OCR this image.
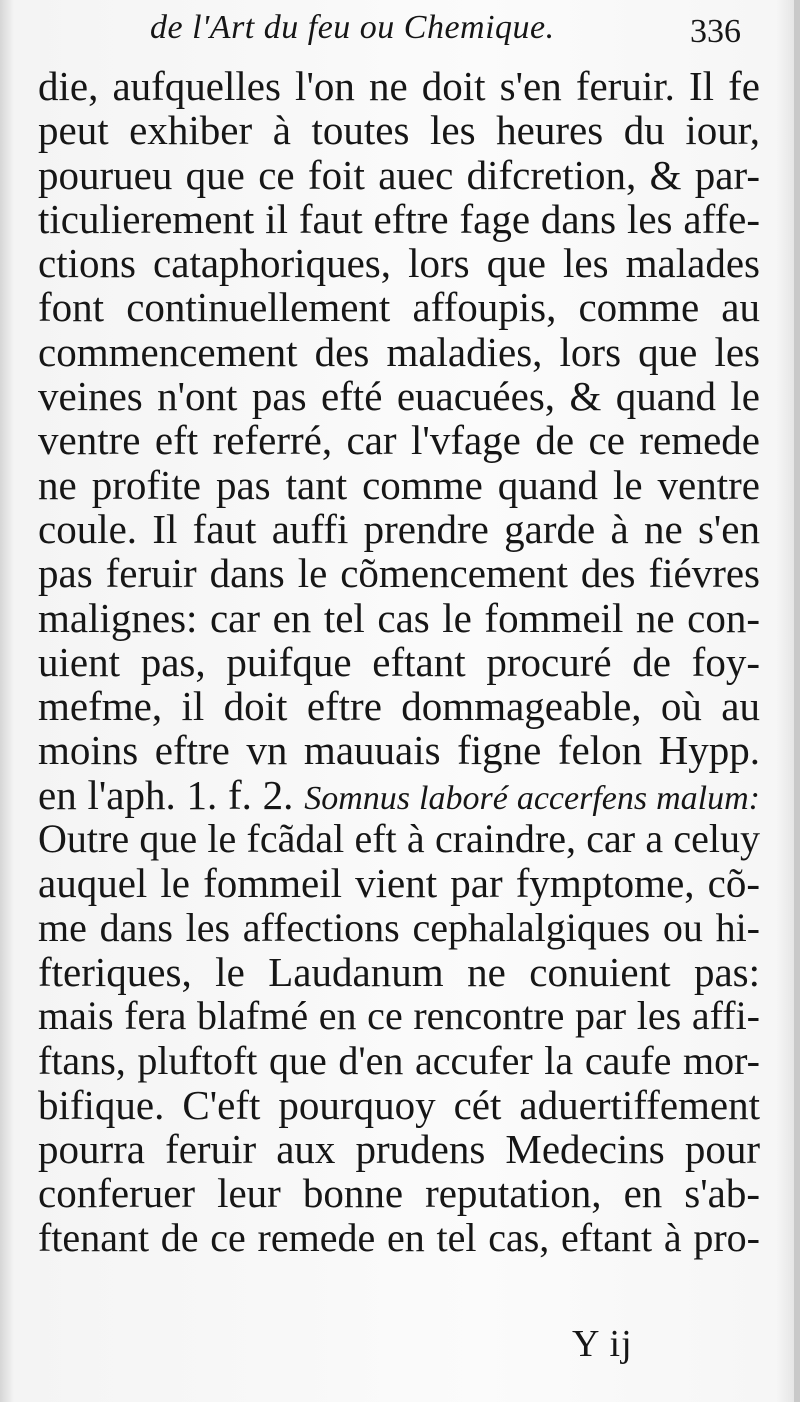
de l'Art du feu ou Chemique.	336
die, aufquelles l'on ne doit s'en feruir. Il fe
peut exhiber à toutes les heures du iour,
pourueu que ce foit auec difcretion, & par-
ticulierement il faut eftre fage dans les affe-
ctions cataphoriques, lors que les malades
font continuellement affoupis, comme au
commencement des maladies, lors que les
veines n'ont pas efté euacuées, & quand le
ventre eft referré, car l'vfage de ce remede
ne profite pas tant comme quand le ventre
coule. Il faut auffi prendre garde à ne s'en
pas feruir dans le cõmencement des fiévres
malignes: car en tel cas le fommeil ne con-
uient pas, puifque eftant procuré de foy-
mefme, il doit eftre dommageable, où au
moins eftre vn mauuais figne felon Hypp.
en l'aph. 1. f. 2. Somnus laboré accerfens malum:
Outre que le fcãdal eft à craindre, car a celuy
auquel le fommeil vient par fymptome, cõ-
me dans les affections cephalalgiques ou hi-
fteriques, le Laudanum ne conuient pas:
mais fera blafmé en ce rencontre par les affi-
ftans, pluftoft que d'en accufer la caufe mor-
bifique. C'eft pourquoy cét aduertiffement
pourra feruir aux prudens Medecins pour
conferuer leur bonne reputation, en s'ab-
ftenant de ce remede en tel cas, eftant à pro-
Y ij
